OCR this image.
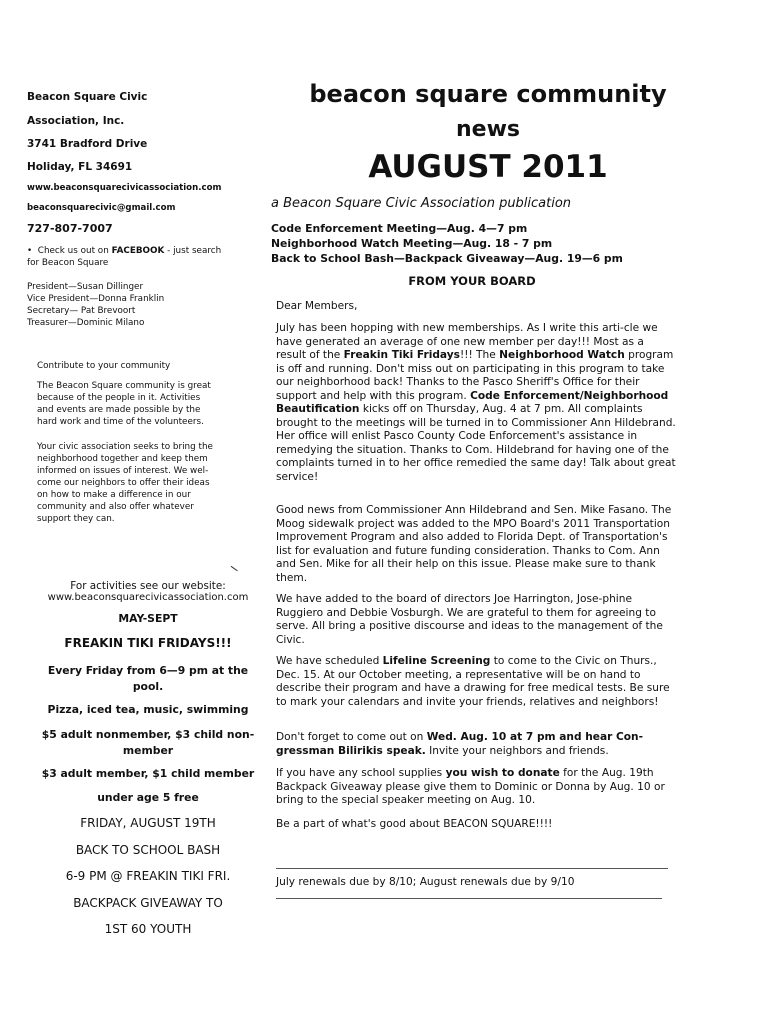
Beacon Square Civic
Association, Inc.
3741 Bradford Drive
Holiday, FL 34691
www.beaconsquarecivicassociation.com
beaconsquarecivic@gmail.com
727-807-7007
•  Check us out on FACEBOOK - just search
for Beacon Square
President—Susan Dillinger
Vice President—Donna Franklin
Secretary— Pat Brevoort
Treasurer—Dominic Milano
Contribute to your community
The Beacon Square community is great
because of the people in it. Activities
and events are made possible by the
hard work and time of the volunteers.
Your civic association seeks to bring the
neighborhood together and keep them
informed on issues of interest. We wel-
come our neighbors to offer their ideas
on how to make a difference in our
community and also offer whatever
support they can.
For activities see our website:
www.beaconsquarecivicassociation.com
MAY-SEPT
FREAKIN TIKI FRIDAYS!!!
Every Friday from 6—9 pm at the
pool.
Pizza, iced tea, music, swimming
$5 adult nonmember, $3 child non-
member
$3 adult member, $1 child member
under age 5 free
FRIDAY, AUGUST 19TH
BACK TO SCHOOL BASH
6-9 PM @ FREAKIN TIKI FRI.
BACKPACK GIVEAWAY TO
1ST 60 YOUTH
beacon square community
news
AUGUST 2011
a Beacon Square Civic Association publication
Code Enforcement Meeting—Aug. 4—7 pm
Neighborhood Watch Meeting—Aug. 18 - 7 pm
Back to School Bash—Backpack Giveaway—Aug. 19—6 pm
FROM YOUR BOARD
Dear Members,
July has been hopping with new memberships. As I write this arti-cle we have generated an average of one new member per day!!! Most as a result of the Freakin Tiki Fridays!!! The Neighborhood Watch program is off and running. Don't miss out on participating in this program to take our neighborhood back! Thanks to the Pasco Sheriff's Office for their support and help with this program. Code Enforcement/Neighborhood Beautification kicks off on Thursday, Aug. 4 at 7 pm. All complaints brought to the meetings will be turned in to Commissioner Ann Hildebrand. Her office will enlist Pasco County Code Enforcement's assistance in remedying the situation. Thanks to Com. Hildebrand for having one of the complaints turned in to her office remedied the same day! Talk about great service!
Good news from Commissioner Ann Hildebrand and Sen. Mike Fasano. The Moog sidewalk project was added to the MPO Board's 2011 Transportation Improvement Program and also added to Florida Dept. of Transportation's list for evaluation and future funding consideration. Thanks to Com. Ann and Sen. Mike for all their help on this issue. Please make sure to thank them.
We have added to the board of directors Joe Harrington, Jose-phine Ruggiero and Debbie Vosburgh. We are grateful to them for agreeing to serve. All bring a positive discourse and ideas to the management of the Civic.
We have scheduled Lifeline Screening to come to the Civic on Thurs., Dec. 15. At our October meeting, a representative will be on hand to describe their program and have a drawing for free medical tests. Be sure to mark your calendars and invite your friends, relatives and neighbors!
Don't forget to come out on Wed. Aug. 10 at 7 pm and hear Con-gressman Bilirikis speak. Invite your neighbors and friends.
If you have any school supplies you wish to donate for the Aug. 19th Backpack Giveaway please give them to Dominic or Donna by Aug. 10 or bring to the special speaker meeting on Aug. 10.
Be a part of what's good about BEACON SQUARE!!!!
July renewals due by 8/10; August renewals due by 9/10
